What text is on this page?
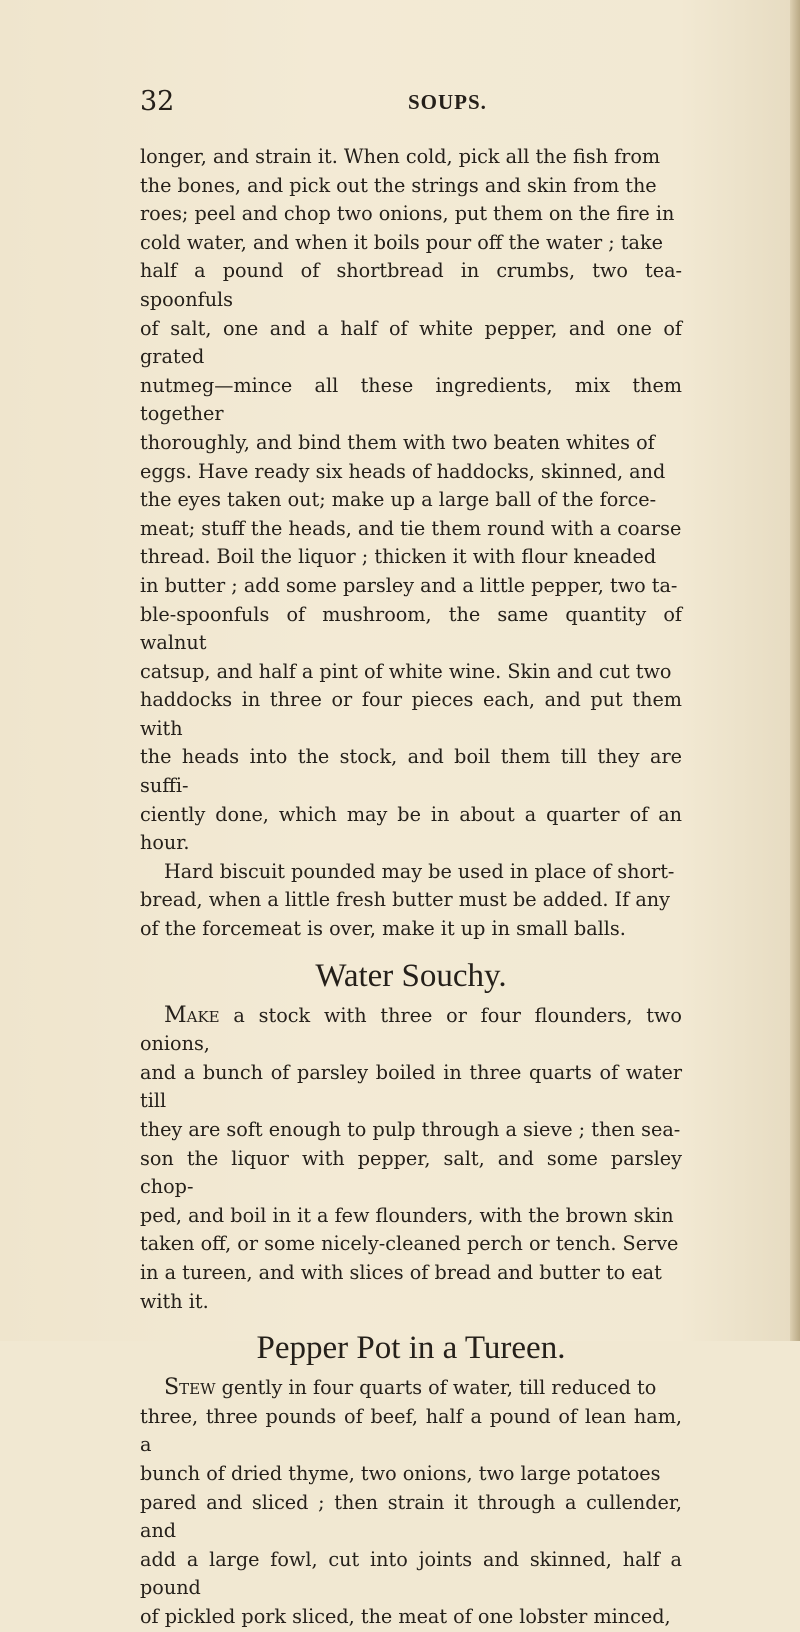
32	SOUPS.

longer, and strain it. When cold, pick all the fish from
the bones, and pick out the strings and skin from the
roes; peel and chop two onions, put them on the fire in
cold water, and when it boils pour off the water ; take
half a pound of shortbread in crumbs, two tea-spoonfuls
of salt, one and a half of white pepper, and one of grated
nutmeg—mince all these ingredients, mix them together
thoroughly, and bind them with two beaten whites of
eggs. Have ready six heads of haddocks, skinned, and
the eyes taken out; make up a large ball of the force-
meat; stuff the heads, and tie them round with a coarse
thread. Boil the liquor ; thicken it with flour kneaded
in butter ; add some parsley and a little pepper, two ta-
ble-spoonfuls of mushroom, the same quantity of walnut
catsup, and half a pint of white wine. Skin and cut two
haddocks in three or four pieces each, and put them with
the heads into the stock, and boil them till they are suffi-
ciently done, which may be in about a quarter of an hour.

Hard biscuit pounded may be used in place of short-
bread, when a little fresh butter must be added. If any
of the forcemeat is over, make it up in small balls.

Water Souchy.

Make a stock with three or four flounders, two onions,
and a bunch of parsley boiled in three quarts of water till
they are soft enough to pulp through a sieve ; then sea-
son the liquor with pepper, salt, and some parsley chop-
ped, and boil in it a few flounders, with the brown skin
taken off, or some nicely-cleaned perch or tench. Serve
in a tureen, and with slices of bread and butter to eat
with it.

Pepper Pot in a Tureen.

Stew gently in four quarts of water, till reduced to
three, three pounds of beef, half a pound of lean ham, a
bunch of dried thyme, two onions, two large potatoes
pared and sliced ; then strain it through a cullender, and
add a large fowl, cut into joints and skinned, half a pound
of pickled pork sliced, the meat of one lobster minced,
